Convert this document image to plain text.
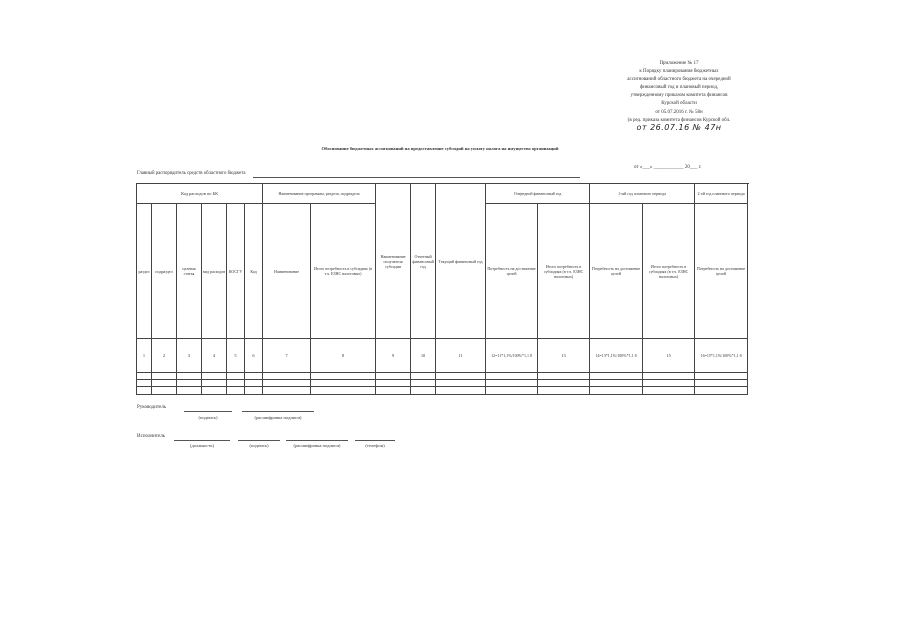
Приложение № 17
к Порядку планирования бюджетных
ассигнований областного бюджета на очередной
финансовый год и плановый период,
утвержденному приказом комитета финансов
Курской области
от 05.07.2016 г. № 58н
(в ред. приказа комитета финансов Курской обл.
от 26.07.16 № 47н
Обоснование бюджетных ассигнований на предоставление субсидий на уплату налога на имущество организаций
от «___» ____________ 20___ г.
Главный распорядитель средств областного бюджета
Код расходов по БК						Наименование программы, раздела, подраздела		Наименование получателя субсидии	Отчетный финансовый год	Текущий финансовый год	Очередной финансовый год		1-ый год планового периода		2-ой год планового периода
раздел	подраздел	целевая статья	вид расходов	КОСГУ	Код	Наименование	Итого потребность в субсидиях (в т.ч. ЕЗНС налоговых)				Потребность на достижение целей	Итого потребность в субсидиях (в т.ч. ЕЗНС налоговых)	Потребность на достижение целей	Итого потребность в субсидиях (в т.ч. ЕЗНС налоговых)	Потребность на достижение целей
1	2	3	4	5	6	7	8	9	10	11	12=11*1,1%/100%*1,1 8	13	14=13*1,1%/100%*1,1 8	15	16=15*1,1%/100%*1,1 8

Руководитель
(подпись)	(расшифровка подписи)
Исполнитель
(должность)	(подпись)	(расшифровка подписи)	(телефон)
